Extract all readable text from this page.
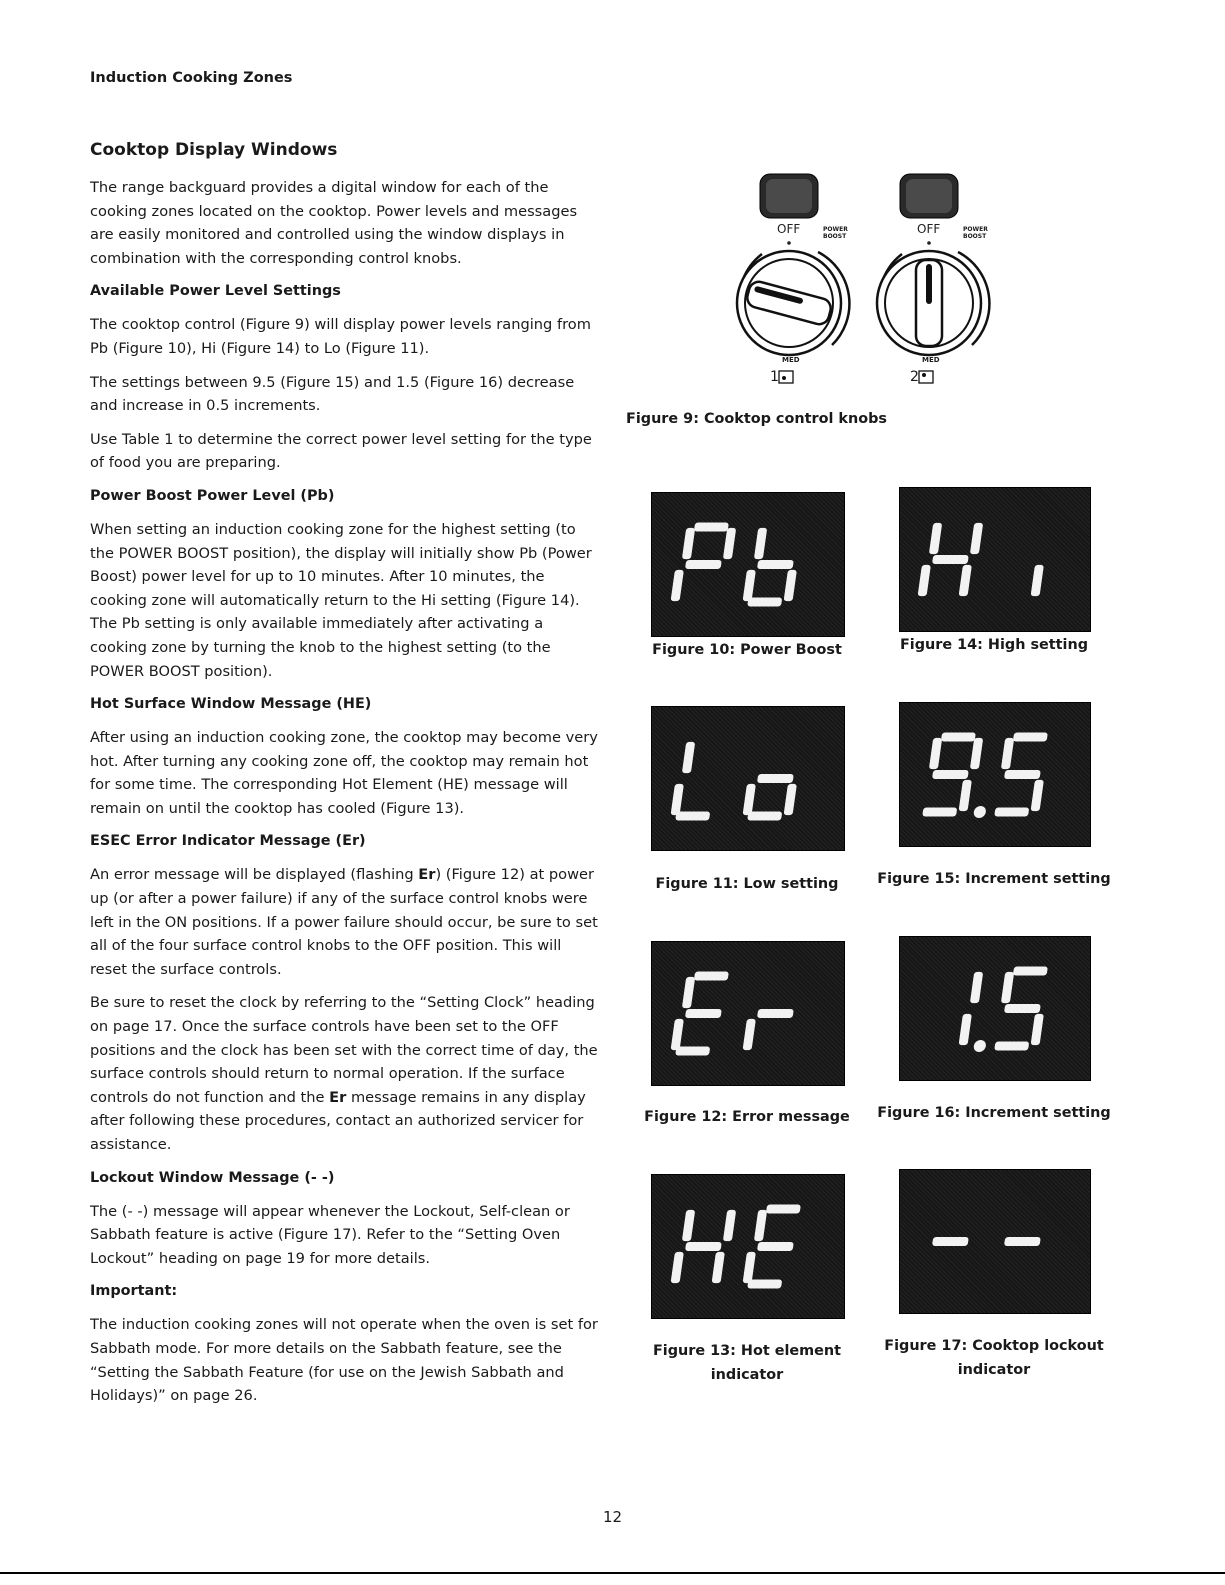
Induction Cooking Zones
Cooktop Display Windows

The range backguard provides a digital window for each of the cooking zones located on the cooktop. Power levels and messages are easily monitored and controlled using the window displays in combination with the corresponding control knobs.

Available Power Level Settings

The cooktop control (Figure 9) will display power levels ranging from Pb (Figure 10), Hi (Figure 14) to Lo (Figure 11).

The settings between 9.5 (Figure 15) and 1.5 (Figure 16) decrease and increase in 0.5 increments.

Use Table 1 to determine the correct power level setting for the type of food you are preparing.

Power Boost Power Level (Pb)

When setting an induction cooking zone for the highest setting (to the POWER BOOST position), the display will initially show Pb (Power Boost) power level for up to 10 minutes. After 10 minutes, the cooking zone will automatically return to the Hi setting (Figure 14). The Pb setting is only available immediately after activating a cooking zone by turning the knob to the highest setting (to the POWER BOOST position).

Hot Surface Window Message (HE)

After using an induction cooking zone, the cooktop may become very hot. After turning any cooking zone off, the cooktop may remain hot for some time. The corresponding Hot Element (HE) message will remain on until the cooktop has cooled (Figure 13).

ESEC Error Indicator Message (Er)

An error message will be displayed (flashing Er) (Figure 12) at power up (or after a power failure) if any of the surface control knobs were left in the ON positions. If a power failure should occur, be sure to set all of the four surface control knobs to the OFF position. This will reset the surface controls.

Be sure to reset the clock by referring to the “Setting Clock” heading on page 17. Once the surface controls have been set to the OFF positions and the clock has been set with the correct time of day, the surface controls should return to normal operation. If the surface controls do not function and the Er message remains in any display after following these procedures, contact an authorized servicer for assistance.

Lockout Window Message (- -)

The (- -) message will appear whenever the Lockout, Self-clean or Sabbath feature is active (Figure 17). Refer to the “Setting Oven Lockout” heading on page 19 for more details.

Important:

The induction cooking zones will not operate when the oven is set for Sabbath mode. For more details on the Sabbath feature, see the “Setting the Sabbath Feature (for use on the Jewish Sabbath and Holidays)” on page 26.

OFF	OFF
POWER
BOOST
POWER
BOOST
MED	MED
1	2
Figure 9: Cooktop control knobs
Figure 10: Power Boost	Figure 14: High setting
Figure 11: Low setting	Figure 15: Increment setting
Figure 12: Error message	Figure 16: Increment setting
Figure 13: Hot element
indicator
Figure 17: Cooktop lockout
indicator
12
